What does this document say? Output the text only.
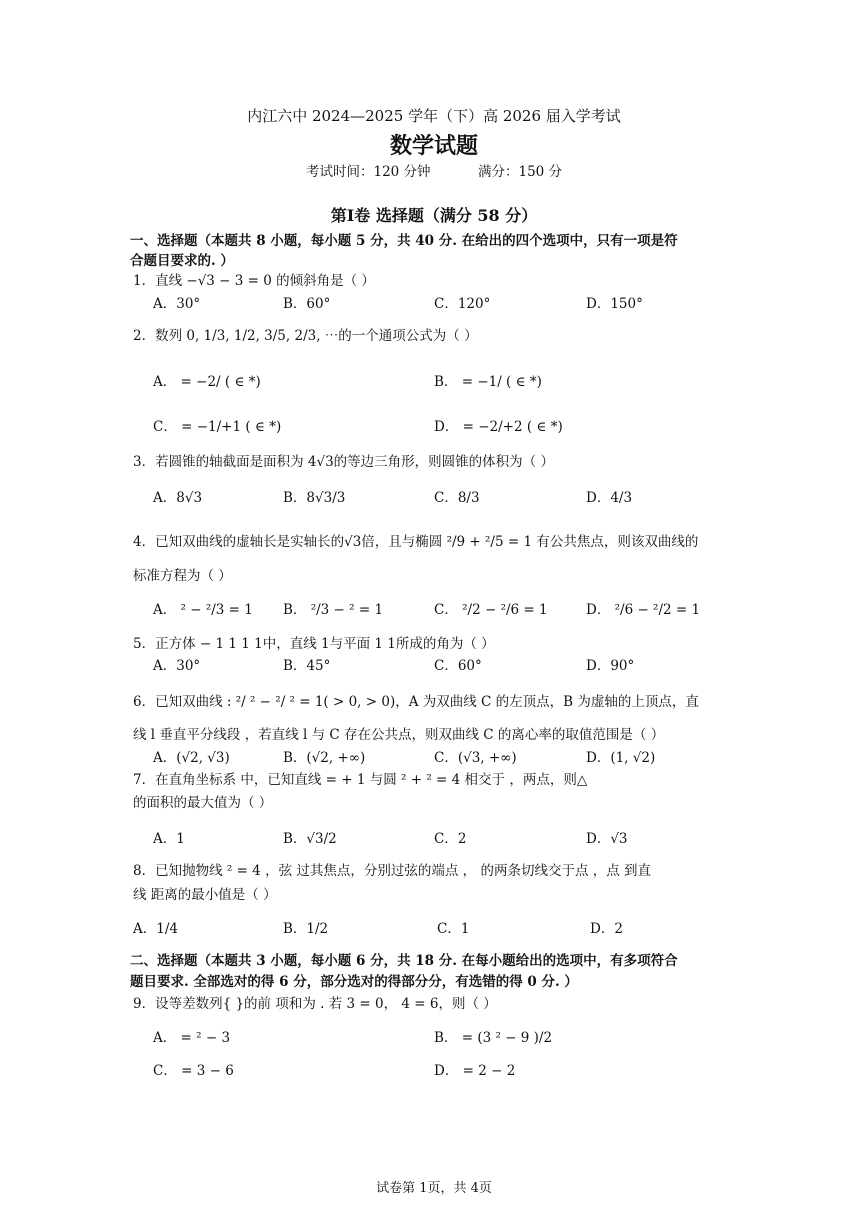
内江六中 2024—2025 学年（下）高 2026 届入学考试
数学试题
考试时间：120 分钟	满分：150 分
第Ⅰ卷 选择题（满分 58 分）
一、选择题（本题共 8 小题，每小题 5 分，共 40 分. 在给出的四个选项中，只有一项是符
合题目要求的. ）
1．直线 −√3 − 3 = 0 的倾斜角是（ ）
A．30°	B．60°	C．120°	D．150°
2．数列 0, 1/3, 1/2, 3/5, 2/3, ⋯的一个通项公式为（ ）
A． = −2/ ( ∈ *)	B． = −1/ ( ∈ *)
C． = −1/+1 ( ∈ *)	D． = −2/+2 ( ∈ *)
3．若圆锥的轴截面是面积为 4√3的等边三角形，则圆锥的体积为（ ）
A．8√3	B．8√3/3	C．8/3	D．4/3
4．已知双曲线的虚轴长是实轴长的√3倍，且与椭圆 ²/9 + ²/5 = 1 有公共焦点，则该双曲线的
标准方程为（ ）
A． ² − ²/3 = 1 B． ²/3 − ² = 1	C． ²/2 − ²/6 = 1	D． ²/6 − ²/2 = 1
5．正方体 − 1 1 1 1中，直线 1与平面 1 1所成的角为（ ）
A．30°	B．45°	C．60°	D．90°
6．已知双曲线 : ²/ ² − ²/ ² = 1( > 0, > 0)，A 为双曲线 C 的左顶点，B 为虚轴的上顶点，直
线 l 垂直平分线段 ，若直线 l 与 C 存在公共点，则双曲线 C 的离心率的取值范围是（ ）
A．(√2, √3)	B．(√2, +∞)	C．(√3, +∞)	D．(1, √2)
7．在直角坐标系 中，已知直线 = + 1 与圆 ² + ² = 4 相交于 ，两点，则△
的面积的最大值为（ ）
A．1	B．√3/2	C．2	D．√3
8．已知抛物线 ² = 4 ，弦 过其焦点，分别过弦的端点 ， 的两条切线交于点 ，点 到直
线 距离的最小值是（ ）
A．1/4	B．1/2	C．1	D．2
二、选择题（本题共 3 小题，每小题 6 分，共 18 分. 在每小题给出的选项中，有多项符合
题目要求. 全部选对的得 6 分，部分选对的得部分分，有选错的得 0 分. ）
9．设等差数列{ }的前 项和为 . 若 3 = 0， 4 = 6，则（ ）
A． = ² − 3	B． = (3 ² − 9 )/2
C． = 3 − 6	D． = 2 − 2
试卷第 1页，共 4页
